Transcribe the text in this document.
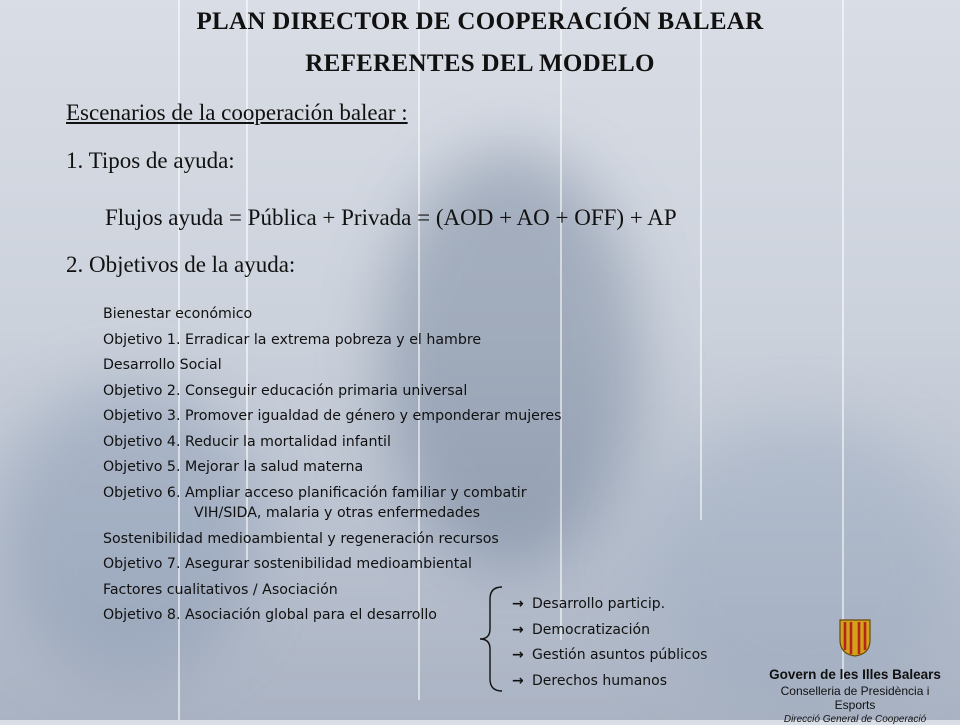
PLAN DIRECTOR DE COOPERACIÓN BALEAR
REFERENTES DEL MODELO
Escenarios de la cooperación balear :
1. Tipos de ayuda:
Flujos ayuda = Pública + Privada = (AOD + AO + OFF) + AP
2. Objetivos de la ayuda:
Bienestar económico
Objetivo 1. Erradicar la extrema pobreza y el hambre
Desarrollo Social
Objetivo 2. Conseguir educación primaria universal
Objetivo 3. Promover igualdad de género y emponderar mujeres
Objetivo 4. Reducir la mortalidad infantil
Objetivo 5. Mejorar la salud materna
Objetivo 6. Ampliar acceso planificación familiar y combatir
VIH/SIDA, malaria y otras enfermedades
Sostenibilidad medioambiental y regeneración recursos
Objetivo 7. Asegurar sostenibilidad medioambiental
Factores cualitativos / Asociación
Objetivo 8. Asociación global para el desarrollo
→ Desarrollo particip.
→ Democratización
→ Gestión asuntos públicos
→ Derechos humanos	Govern de les Illes Balears
Conselleria de Presidència i Esports
Direcció General de Cooperació
